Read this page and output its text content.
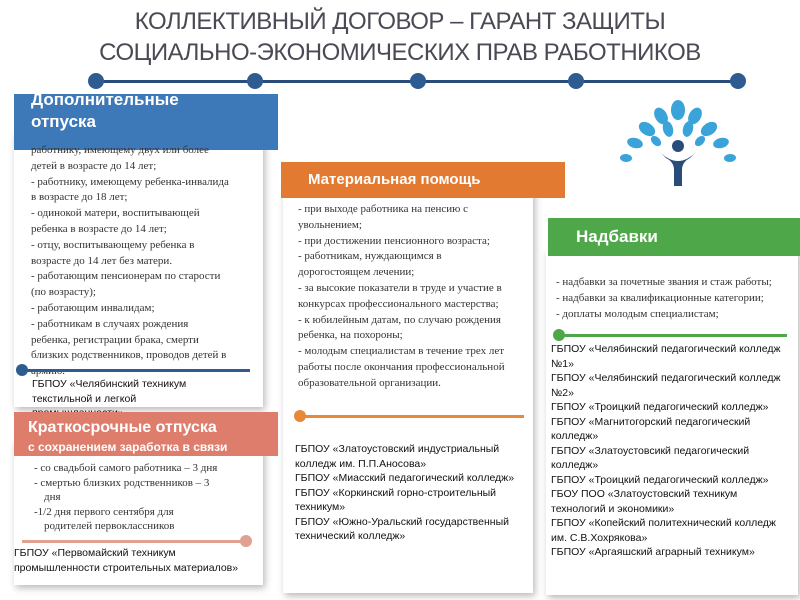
КОЛЛЕКТИВНЫЙ ДОГОВОР – ГАРАНТ ЗАЩИТЫ
СОЦИАЛЬНО-ЭКОНОМИЧЕСКИХ ПРАВ РАБОТНИКОВ
Дополнительные отпуска
работнику, имеющему двух или более
детей в возрасте до 14 лет;
- работнику, имеющему ребенка-инвалида
в возрасте до 18 лет;
- одинокой матери, воспитывающей
ребенка в возрасте до 14 лет;
- отцу, воспитывающему ребенка в
возрасте до 14 лет без матери.
- работающим пенсионерам по старости
(по возрасту);
- работающим инвалидам;
- работникам в случаях рождения
ребенка, регистрации брака, смерти
близких родственников, проводов детей в
ГБПОУ «Челябинский техникум текстильной и легкой
Краткосрочные отпуска
с сохранением заработка в связи
- со свадьбой самого работника – 3 дня
- смертью близких родственников – 3
дня
-1/2 дня первого сентября для
родителей первоклассников
ГБПОУ «Первомайский техникум промышленности строительных материалов»
Материальная помощь
- при выходе работника на пенсию с
увольнением;
- при достижении пенсионного возраста;
- работникам, нуждающимся в
дорогостоящем лечении;
- за высокие показатели в труде и участие в
конкурсах профессионального мастерства;
- к юбилейным датам, по случаю рождения
ребенка, на похороны;
- молодым специалистам в течение трех лет
работы после окончания профессиональной
образовательной организации.
ГБПОУ «Златоустовский индустриальный колледж им. П.П.Аносова»
ГБПОУ «Миасский педагогический колледж»
ГБПОУ «Коркинский горно-строительный техникум»
ГБПОУ «Южно-Уральский государственный технический колледж»
Надбавки
- надбавки за почетные звания и стаж работы;
- надбавки за квалификационные категории;
- доплаты молодым специалистам;
ГБПОУ «Челябинский педагогический колледж №1»
ГБПОУ «Челябинский педагогический колледж №2»
ГБПОУ «Троицкий педагогический колледж»
ГБПОУ «Магнитогорский педагогический колледж»
ГБПОУ «Златоустовсикй педагогический колледж»
ГБПОУ «Троицкий педагогический колледж»
ГБОУ ПОО «Златоустовский техникум технологий и экономики»
ГБПОУ «Копейский политехнический колледж им. С.В.Хохрякова»
ГБПОУ «Аргаяшский аграрный техникум»
